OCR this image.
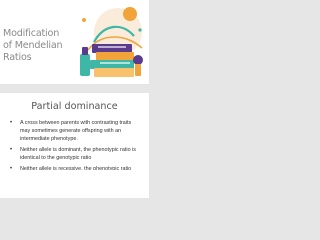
Modification
of Mendelian
Ratios
Partial dominance
• A cross between parents with contrasting traits may sometimes generate offspring with an intermediate phenotype.
• Neither allele is dominant, the phenotypic ratio is identical to the genotypic ratio
• Neither allele is recessive, the phenotypic ratio
